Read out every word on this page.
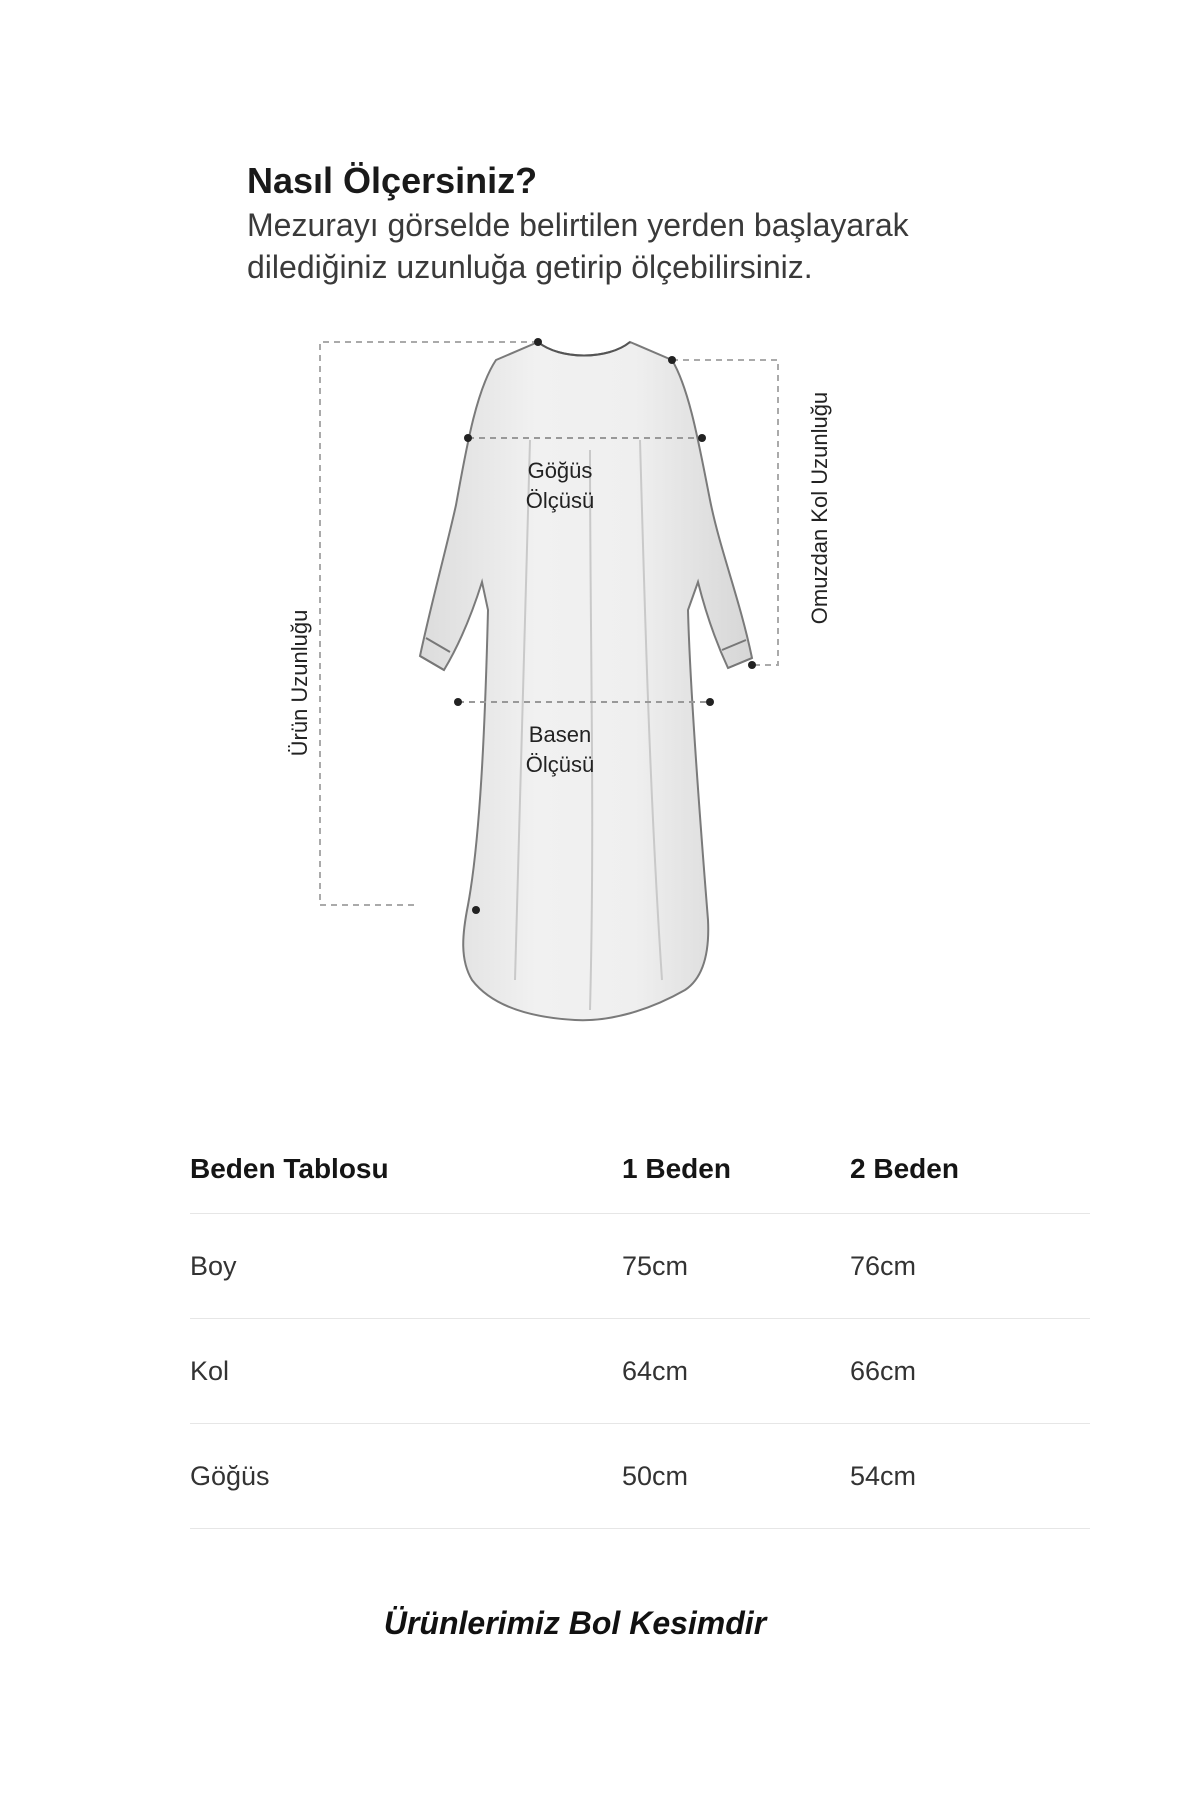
Nasıl Ölçersiniz?

Mezurayı görselde belirtilen yerden başlayarak
dilediğiniz uzunluğa getirip ölçebilirsiniz.

Göğüs
Ölçüsü
Basen
Ölçüsü
Ürün Uzunluğu
Omuzdan Kol Uzunluğu
Beden Tablosu	1 Beden	2 Beden
Boy	75cm	76cm
Kol	64cm	66cm
Göğüs	50cm	54cm
Ürünlerimiz Bol Kesimdir
